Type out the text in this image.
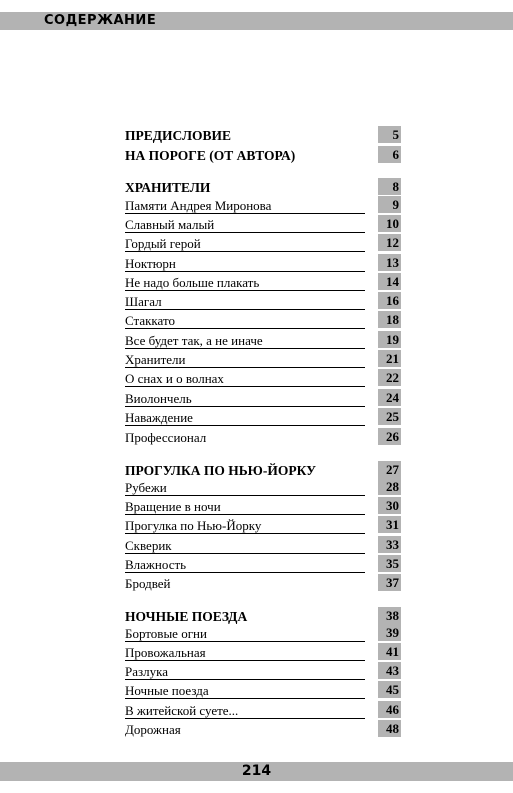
СОДЕРЖАНИЕ
ПРЕДИСЛОВИЕ	5
НА ПОРОГЕ (ОТ АВТОРА)	6
ХРАНИТЕЛИ	8
Памяти Андрея Миронова	9
Славный малый	10
Гордый герой	12
Ноктюрн	13
Не надо больше плакать	14
Шагал	16
Стаккато	18
Все будет так, а не иначе	19
Хранители	21
О снах и о волнах	22
Виолончель	24
Наваждение	25
Профессионал	26
ПРОГУЛКА ПО НЬЮ-ЙОРКУ	27
Рубежи	28
Вращение в ночи	30
Прогулка по Нью-Йорку	31
Скверик	33
Влажность	35
Бродвей	37
НОЧНЫЕ ПОЕЗДА	38
Бортовые огни	39
Провожальная	41
Разлука	43
Ночные поезда	45
В житейской суете...	46
Дорожная	48
214
